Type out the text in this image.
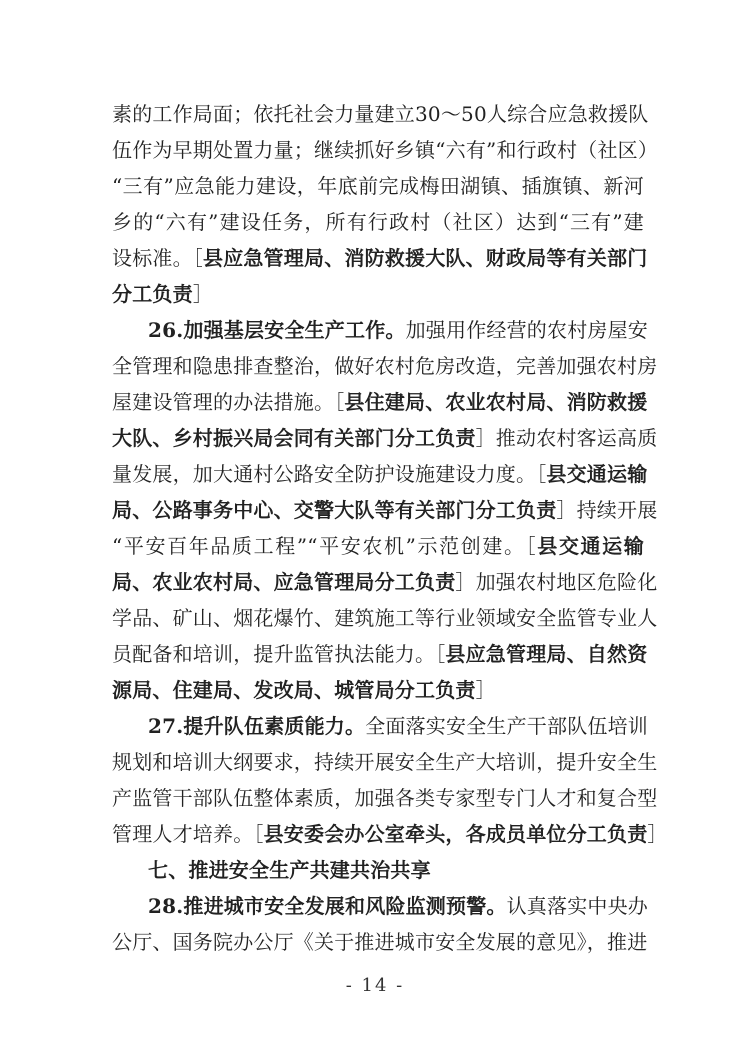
素的工作局面；依托社会力量建立30～50人综合应急救援队
伍作为早期处置力量；继续抓好乡镇“六有”和行政村（社区）
“三有”应急能力建设，年底前完成梅田湖镇、插旗镇、新河
乡的“六有”建设任务，所有行政村（社区）达到“三有”建
设标准。［县应急管理局、消防救援大队、财政局等有关部门
分工负责］
26.加强基层安全生产工作。加强用作经营的农村房屋安
全管理和隐患排查整治，做好农村危房改造，完善加强农村房
屋建设管理的办法措施。［县住建局、农业农村局、消防救援
大队、乡村振兴局会同有关部门分工负责］推动农村客运高质
量发展，加大通村公路安全防护设施建设力度。［县交通运输
局、公路事务中心、交警大队等有关部门分工负责］持续开展
“平安百年品质工程”“平安农机”示范创建。［县交通运输
局、农业农村局、应急管理局分工负责］加强农村地区危险化
学品、矿山、烟花爆竹、建筑施工等行业领域安全监管专业人
员配备和培训，提升监管执法能力。［县应急管理局、自然资
源局、住建局、发改局、城管局分工负责］
27.提升队伍素质能力。全面落实安全生产干部队伍培训
规划和培训大纲要求，持续开展安全生产大培训，提升安全生
产监管干部队伍整体素质，加强各类专家型专门人才和复合型
管理人才培养。［县安委会办公室牵头，各成员单位分工负责］
七、推进安全生产共建共治共享
28.推进城市安全发展和风险监测预警。认真落实中央办
公厅、国务院办公厅《关于推进城市安全发展的意见》，推进
- 14 -
